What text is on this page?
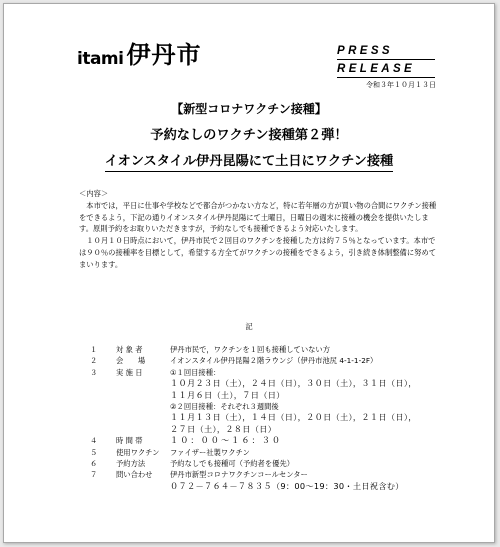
itami 伊丹市	PRESS
RELEASE
令和３年１０月１３日
【新型コロナワクチン接種】
予約なしのワクチン接種第２弾！
イオンスタイル伊丹昆陽にて土日にワクチン接種

＜内容＞

本市では，平日に仕事や学校などで都合がつかない方など，特に若年層の方が買い物の合間にワクチン接種をできるよう，下記の通りイオンスタイル伊丹昆陽にて土曜日，日曜日の週末に接種の機会を提供いたします。原則予約をお取りいただきますが，予約なしでも接種できるよう対応いたします。

１０月１０日時点において，伊丹市民で２回目のワクチンを接種した方は約７５％となっています。本市では９０％の接種率を目標として，希望する方全てがワクチンの接種をできるよう，引き続き体制整備に努めてまいります。

記
１	対 象 者	伊丹市民で，ワクチンを１回も接種していない方
２	会　　場	イオンスタイル伊丹昆陽２階ラウンジ（伊丹市池尻 4-1-1-2F）
３	実 施 日	①１回目接種：
１０月２３日（土），２４日（日），３０日（土），３１日（日），
１１月６日（土），７日（日）
②２回目接種：それぞれ３週間後
１１月１３日（土），１４日（日），２０日（土），２１日（日），
２７日（土），２８日（日）
４	時 間 帯	１０：００～１６：３０
５	使用ワクチン	ファイザー社製ワクチン
６	予約方法	予約なしでも接種可（予約者を優先）
７	問い合わせ	伊丹市新型コロナワクチンコールセンター
０７２－７６４－７８３５（9：00～19：30・土日祝含む）
